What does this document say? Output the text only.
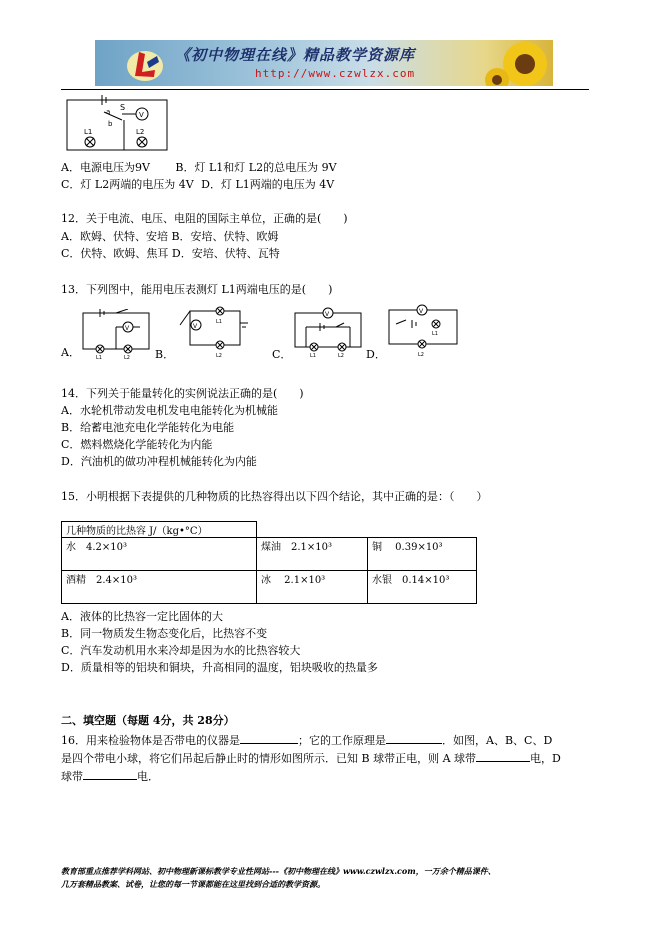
《初中物理在线》精品教学资源库
http://www.czwlzx.com
S
a
b
V
L1	L2
A．电源电压为9V B．灯 L1和灯 L2的总电压为 9V
C．灯 L2两端的电压为 4V D．灯 L1两端的电压为 4V
12．关于电流、电压、电阻的国际主单位，正确的是(　　)
A．欧姆、伏特、安培 B．安培、伏特、欧姆
C．伏特、欧姆、焦耳 D．安培、伏特、瓦特
13．下列图中，能用电压表测灯 L1两端电压的是(　　)
A．
V
L1	L2 B．
V
L1
L2	C．
V
L1	L2 D．
V
L1
L2
14．下列关于能量转化的实例说法正确的是(　　)
A．水轮机带动发电机发电电能转化为机械能
B．给蓄电池充电化学能转化为电能
C．燃料燃烧化学能转化为内能
D．汽油机的做功冲程机械能转化为内能
15．小明根据下表提供的几种物质的比热容得出以下四个结论，其中正确的是：（　　）
几种物质的比热容 J/（kg•°C）		
水　4.2×10³	煤油　2.1×10³	铜　 0.39×10³
酒精　2.4×10³	冰　 2.1×10³	水银　0.14×10³
A．液体的比热容一定比固体的大
B．同一物质发生物态变化后，比热容不变
C．汽车发动机用水来冷却是因为水的比热容较大
D．质量相等的铝块和铜块，升高相同的温度，铝块吸收的热量多
二、填空题（每题 4分，共 28分）
16．用来检验物体是否带电的仪器是	；它的工作原理是	．如图，A、B、C、D
是四个带电小球，将它们吊起后静止时的情形如图所示．已知 B 球带正电，则 A 球带	电，D
球带	电．
教育部重点推荐学科网站、初中物理新课标教学专业性网站---《初中物理在线》www.czwlzx.com，一万余个精品课件、
几万套精品教案、试卷，让您的每一节课都能在这里找到合适的教学资源。
